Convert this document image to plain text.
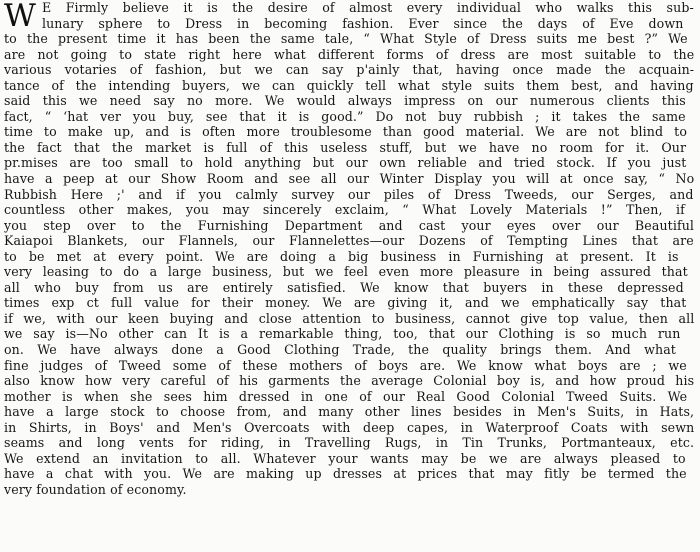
W E Firmly believe it is the desire of almost every individual who walks this sub-
lunary sphere to Dress in becoming fashion. Ever since the days of Eve down
to the present time it has been the same tale, “ What Style of Dress suits me best ?” We
are not going to state right here what different forms of dress are most suitable to the
various votaries of fashion, but we can say p'ainly that, having once made the acquain-
tance of the intending buyers, we can quickly tell what style suits them best, and having
said this we need say no more. We would always impress on our numerous clients this
fact, “ ‘hat ver you buy, see that it is good.” Do not buy rubbish ; it takes the same
time to make up, and is often more troublesome than good material. We are not blind to
the fact that the market is full of this useless stuff, but we have no room for it. Our
pr.mises are too small to hold anything but our own reliable and tried stock. If you just
have a peep at our Show Room and see all our Winter Display you will at once say, “ No
Rubbish Here ;' and if you calmly survey our piles of Dress Tweeds, our Serges, and
countless other makes, you may sincerely exclaim, “ What Lovely Materials !” Then, if
you step over to the Furnishing Department and cast your eyes over our Beautiful
Kaiapoi Blankets, our Flannels, our Flannelettes—our Dozens of Tempting Lines that are
to be met at every point. We are doing a big business in Furnishing at present. It is
very leasing to do a large business, but we feel even more pleasure in being assured that
all who buy from us are entirely satisfied. We know that buyers in these depressed
times exp ct full value for their money. We are giving it, and we emphatically say that
if we, with our keen buying and close attention to business, cannot give top value, then all
we say is—No other can It is a remarkable thing, too, that our Clothing is so much run
on. We have always done a Good Clothing Trade, the quality brings them. And what
fine judges of Tweed some of these mothers of boys are. We know what boys are ; we
also know how very careful of his garments the average Colonial boy is, and how proud his
mother is when she sees him dressed in one of our Real Good Colonial Tweed Suits. We
have a large stock to choose from, and many other lines besides in Men's Suits, in Hats,
in Shirts, in Boys' and Men's Overcoats with deep capes, in Waterproof Coats with sewn
seams and long vents for riding, in Travelling Rugs, in Tin Trunks, Portmanteaux, etc.
We extend an invitation to all. Whatever your wants may be we are always pleased to
have a chat with you. We are making up dresses at prices that may fitly be termed the
very foundation of economy.
